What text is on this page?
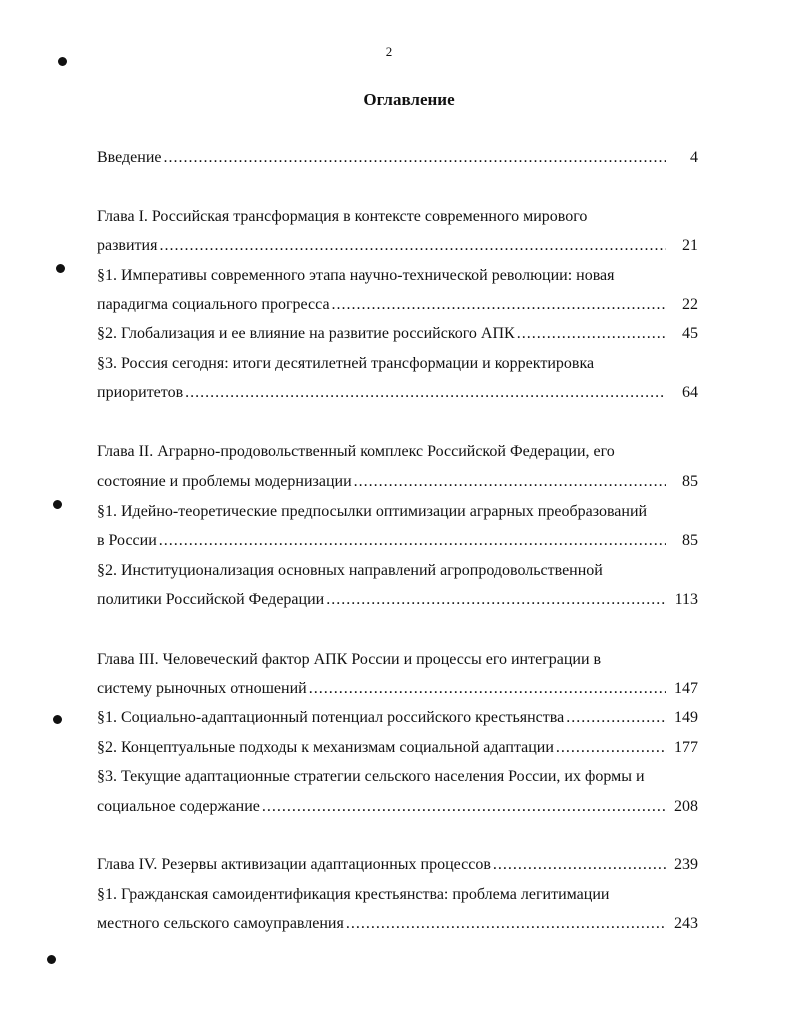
2
Оглавление
Введение .....	4
Глава I. Российская трансформация в контексте современного мирового
развития .....	21
§1. Императивы современного этапа научно-технической революции: новая
парадигма социального прогресса .....	22
§2. Глобализация и ее влияние на развитие российского АПК .....	45
§3. Россия сегодня: итоги десятилетней трансформации и корректировка
приоритетов .....	64
Глава II. Аграрно-продовольственный комплекс Российской Федерации, его
состояние и проблемы модернизации .....	85
§1. Идейно-теоретические предпосылки оптимизации аграрных преобразований
в России .....	85
§2. Институционализация основных направлений агропродовольственной
политики Российской Федерации .....	113
Глава III. Человеческий фактор АПК России и процессы его интеграции в
систему рыночных отношений .....	147
§1. Социально-адаптационный потенциал российского крестьянства .....	149
§2. Концептуальные подходы к механизмам социальной адаптации .....	177
§3. Текущие адаптационные стратегии сельского населения России, их формы и
социальное содержание .....	208
Глава IV. Резервы активизации адаптационных процессов .....	239
§1. Гражданская самоидентификация крестьянства: проблема легитимации
местного сельского самоуправления .....	243
